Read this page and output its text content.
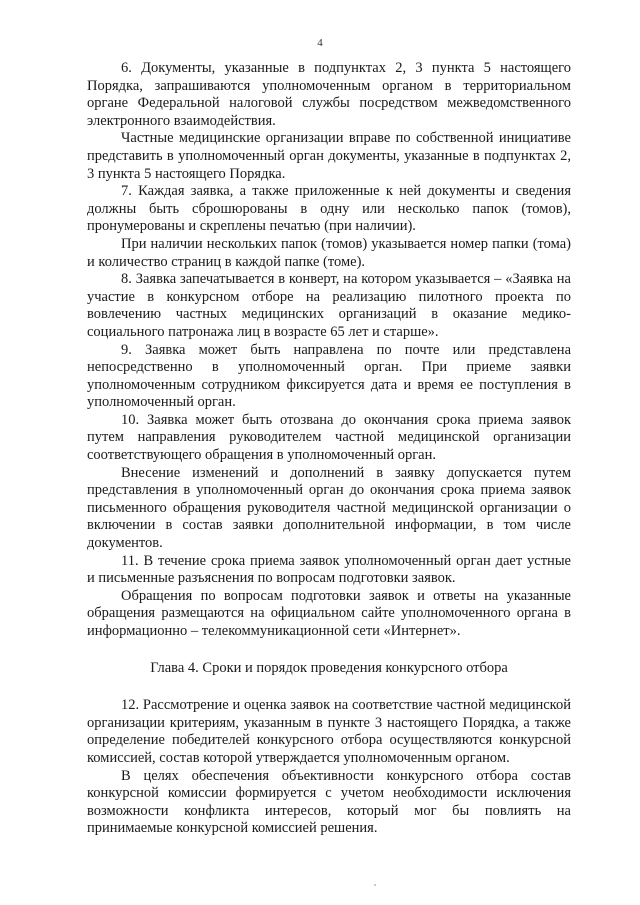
4

6. Документы, указанные в подпунктах 2, 3 пункта 5 настоящего Порядка, запрашиваются уполномоченным органом в территориальном органе Федеральной налоговой службы посредством межведомственного электронного взаимодействия.

Частные медицинские организации вправе по собственной инициативе представить в уполномоченный орган документы, указанные в подпунктах 2, 3 пункта 5 настоящего Порядка.

7. Каждая заявка, а также приложенные к ней документы и сведения должны быть сброшюрованы в одну или несколько папок (томов), пронумерованы и скреплены печатью (при наличии).

При наличии нескольких папок (томов) указывается номер папки (тома) и количество страниц в каждой папке (томе).

8. Заявка запечатывается в конверт, на котором указывается – «Заявка на участие в конкурсном отборе на реализацию пилотного проекта по вовлечению частных медицинских организаций в оказание медико-социального патронажа лиц в возрасте 65 лет и старше».

9. Заявка может быть направлена по почте или представлена непосредственно в уполномоченный орган. При приеме заявки уполномоченным сотрудником фиксируется дата и время ее поступления в уполномоченный орган.

10. Заявка может быть отозвана до окончания срока приема заявок путем направления руководителем частной медицинской организации соответствующего обращения в уполномоченный орган.

Внесение изменений и дополнений в заявку допускается путем представления в уполномоченный орган до окончания срока приема заявок письменного обращения руководителя частной медицинской организации о включении в состав заявки дополнительной информации, в том числе документов.

11. В течение срока приема заявок уполномоченный орган дает устные и письменные разъяснения по вопросам подготовки заявок.

Обращения по вопросам подготовки заявок и ответы на указанные обращения размещаются на официальном сайте уполномоченного органа в информационно – телекоммуникационной сети «Интернет».

Глава 4. Сроки и порядок проведения конкурсного отбора

12. Рассмотрение и оценка заявок на соответствие частной медицинской организации критериям, указанным в пункте 3 настоящего Порядка, а также определение победителей конкурсного отбора осуществляются конкурсной комиссией, состав которой утверждается уполномоченным органом.

В целях обеспечения объективности конкурсного отбора состав конкурсной комиссии формируется с учетом необходимости исключения возможности конфликта интересов, который мог бы повлиять на принимаемые конкурсной комиссией решения.
